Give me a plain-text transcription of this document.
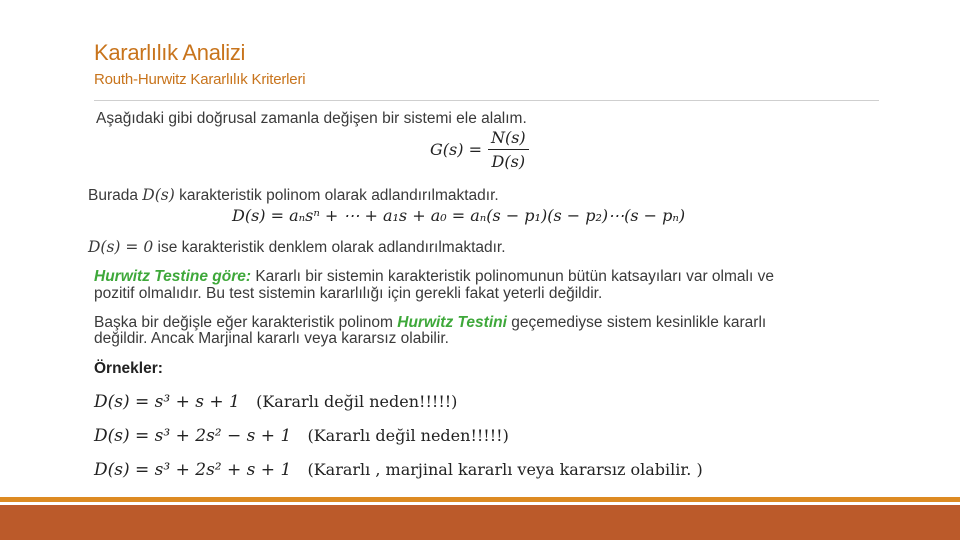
Kararlılık Analizi
Routh-Hurwitz Kararlılık Kriterleri
Aşağıdaki gibi doğrusal zamanla değişen bir sistemi ele alalım.
$G(s) = \frac{N(s)}{D(s)}$
Burada D(s) karakteristik polinom olarak adlandırılmaktadır.
D(s) = aₙsⁿ + ⋯ + a₁s + a₀ = aₙ(s − p₁)(s − p₂)⋯(s − pₙ)
D(s) = 0 ise karakteristik denklem olarak adlandırılmaktadır.
Hurwitz Testine göre: Kararlı bir sistemin karakteristik polinomunun bütün katsayıları var olmalı ve
pozitif olmalıdır. Bu test sistemin kararlılığı için gerekli fakat yeterli değildir.
Başka bir değişle eğer karakteristik polinom Hurwitz Testini geçemediyse sistem kesinlikle kararlı
değildir. Ancak Marjinal kararlı veya kararsız olabilir.
Örnekler:
D(s) = s³ + s + 1 (Kararlı değil neden!!!!!)
D(s) = s³ + 2s² − s + 1 (Kararlı değil neden!!!!!)
D(s) = s³ + 2s² + s + 1 (Kararlı , marjinal kararlı veya kararsız olabilir. )
